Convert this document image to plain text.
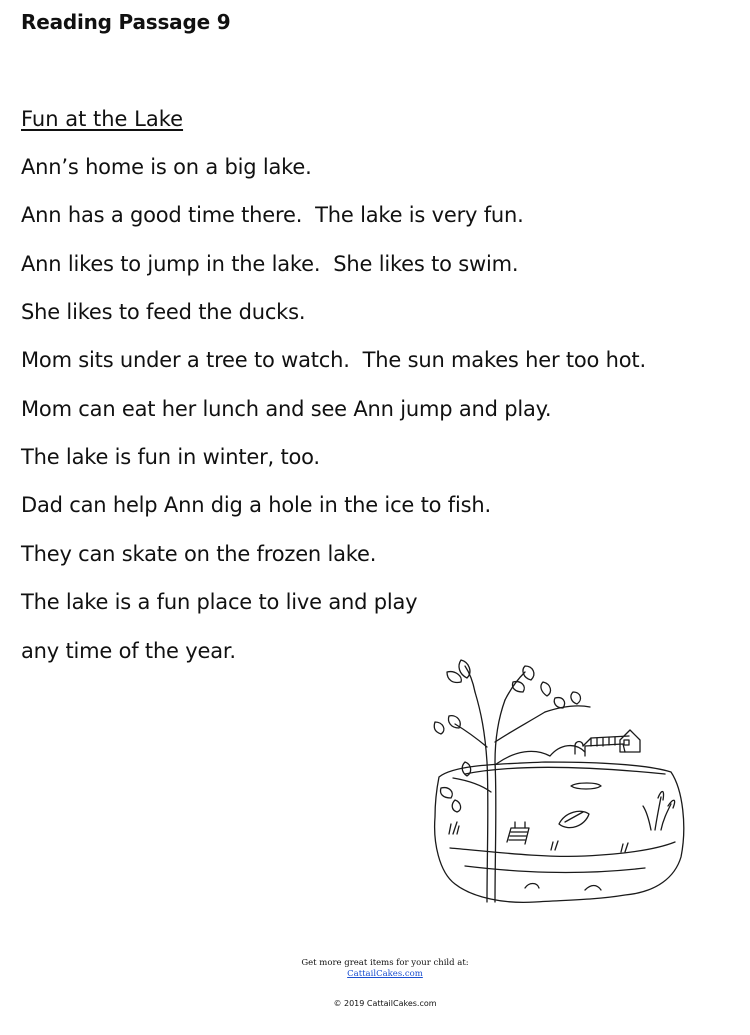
Reading Passage 9
Fun at the Lake
Ann’s home is on a big lake.
Ann has a good time there.  The lake is very fun.
Ann likes to jump in the lake.  She likes to swim.
She likes to feed the ducks.
Mom sits under a tree to watch.  The sun makes her too hot.
Mom can eat her lunch and see Ann jump and play.
The lake is fun in winter, too.
Dad can help Ann dig a hole in the ice to fish.
They can skate on the frozen lake.
The lake is a fun place to live and play
any time of the year.
Get more great items for your child at:
CattailCakes.com
© 2019 CattailCakes.com
